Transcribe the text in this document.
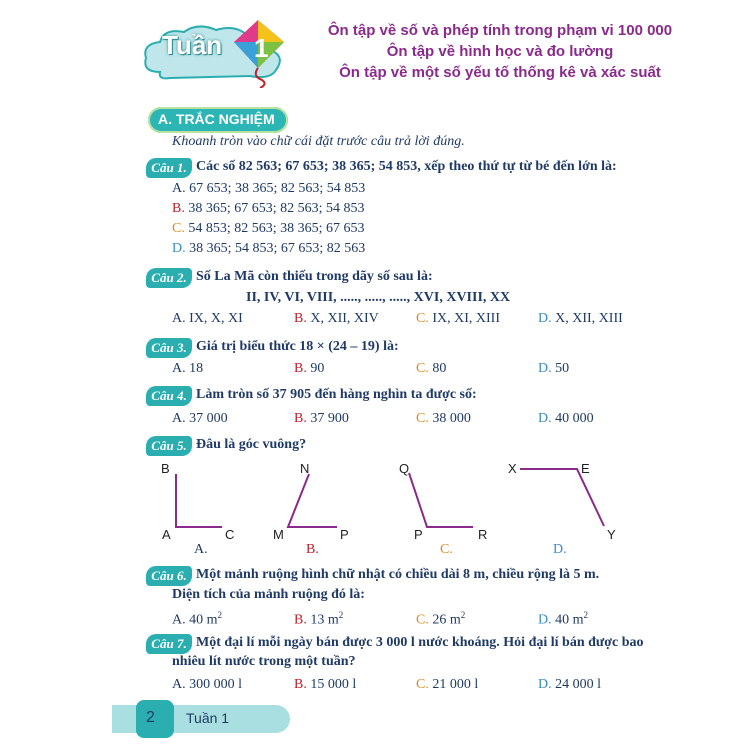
Tuần 1
Ôn tập về số và phép tính trong phạm vi 100 000
Ôn tập về hình học và đo lường
Ôn tập về một số yếu tố thống kê và xác suất
A. TRẮC NGHIỆM
Khoanh tròn vào chữ cái đặt trước câu trả lời đúng.
Câu 1. Các số 82 563; 67 653; 38 365; 54 853, xếp theo thứ tự từ bé đến lớn là:
A. 67 653; 38 365; 82 563; 54 853
B. 38 365; 67 653; 82 563; 54 853
C. 54 853; 82 563; 38 365; 67 653
D. 38 365; 54 853; 67 653; 82 563
Câu 2. Số La Mã còn thiếu trong dãy số sau là:
II, IV, VI, VIII, ....., ....., ....., XVI, XVIII, XX
A. IX, X, XI	B. X, XII, XIV	C. IX, XI, XIII	D. X, XII, XIII
Câu 3. Giá trị biểu thức 18 × (24 – 19) là:
A. 18	B. 90	C. 80	D. 50
Câu 4. Làm tròn số 37 905 đến hàng nghìn ta được số:
A. 37 000	B. 37 900	C. 38 000	D. 40 000
Câu 5. Đâu là góc vuông?
B
A	C
N
M	P
Q
P	R
X	E
Y
A.	B.	C.	D.
Câu 6. Một mảnh ruộng hình chữ nhật có chiều dài 8 m, chiều rộng là 5 m.
Diện tích của mảnh ruộng đó là:
A. 40 $m^2$	B. 13 $m^2$	C. 26 $m^2$	D. 40 $m^2$
Câu 7. Một đại lí mỗi ngày bán được 3 000 l nước khoáng. Hỏi đại lí bán được bao
nhiêu lít nước trong một tuần?
A. 300 000 l	B. 15 000 l	C. 21 000 l	D. 24 000 l
2 Tuần 1
